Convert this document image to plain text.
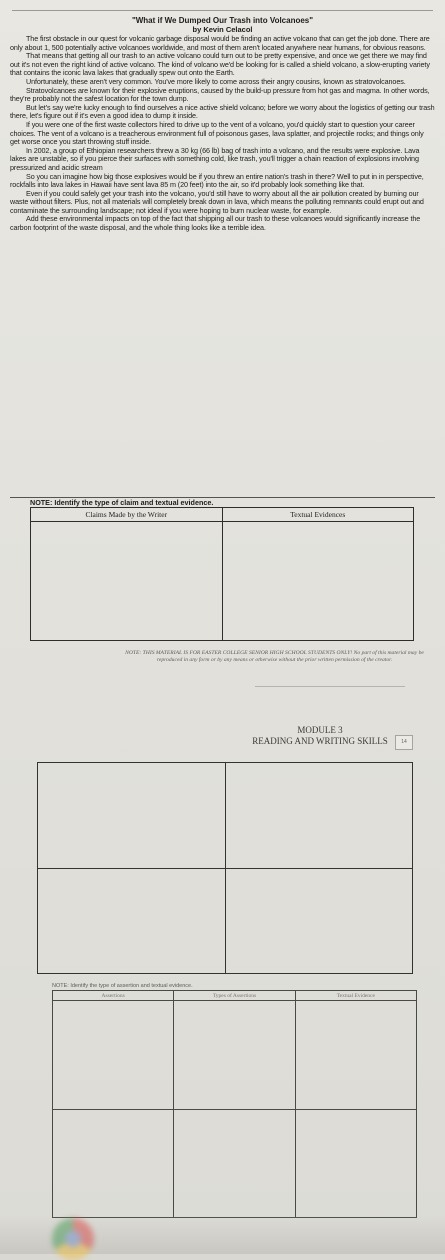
"What if We Dumped Our Trash into Volcanoes"
by Kevin Celacol

The first obstacle in our quest for volcanic garbage disposal would be finding an active volcano that can get the job done. There are only about 1, 500 potentially active volcanoes worldwide, and most of them aren't located anywhere near humans, for obvious reasons.

That means that getting all our trash to an active volcano could turn out to be pretty expensive, and once we get there we may find out it's not even the right kind of active volcano. The kind of volcano we'd be looking for is called a shield volcano, a slow-erupting variety that contains the iconic lava lakes that gradually spew out onto the Earth.

Unfortunately, these aren't very common. You've more likely to come across their angry cousins, known as stratovolcanoes.

Stratovolcanoes are known for their explosive eruptions, caused by the build-up pressure from hot gas and magma. In other words, they're probably not the safest location for the town dump.

But let's say we're lucky enough to find ourselves a nice active shield volcano; before we worry about the logistics of getting our trash there, let's figure out if it's even a good idea to dump it inside.

If you were one of the first waste collectors hired to drive up to the vent of a volcano, you'd quickly start to question your career choices. The vent of a volcano is a treacherous environment full of poisonous gases, lava splatter, and projectile rocks; and things only get worse once you start throwing stuff inside.

In 2002, a group of Ethiopian researchers threw a 30 kg (66 lb) bag of trash into a volcano, and the results were explosive. Lava lakes are unstable, so if you pierce their surfaces with something cold, like trash, you'll trigger a chain reaction of explosions involving pressurized and acidic stream

So you can imagine how big those explosives would be if you threw an entire nation's trash in there? Well to put in in perspective, rockfalls into lava lakes in Hawaii have sent lava 85 m (20 feet) into the air, so it'd probably look something like that.

Even if you could safely get your trash into the volcano, you'd still have to worry about all the air pollution created by burning our waste without filters. Plus, not all materials will completely break down in lava, which means the polluting remnants could erupt out and contaminate the surrounding landscape; not ideal if you were hoping to burn nuclear waste, for example.

Add these environmental impacts on top of the fact that shipping all our trash to these volcanoes would significantly increase the carbon footprint of the waste disposal, and the whole thing looks like a terrible idea.

NOTE: Identify the type of claim and textual evidence.
Claims Made by the Writer	Textual Evidences

NOTE: THIS MATERIAL IS FOR EASTER COLLEGE SENIOR HIGH SCHOOL STUDENTS ONLY! No part of this material may be reproduced in any form or by any means or otherwise without the prior written permission of the creator.
MODULE 3
READING AND WRITING SKILLS	14

NOTE: Identify the type of assertion and textual evidence.
Assertions	Types of Assertions	Textual Evidence
